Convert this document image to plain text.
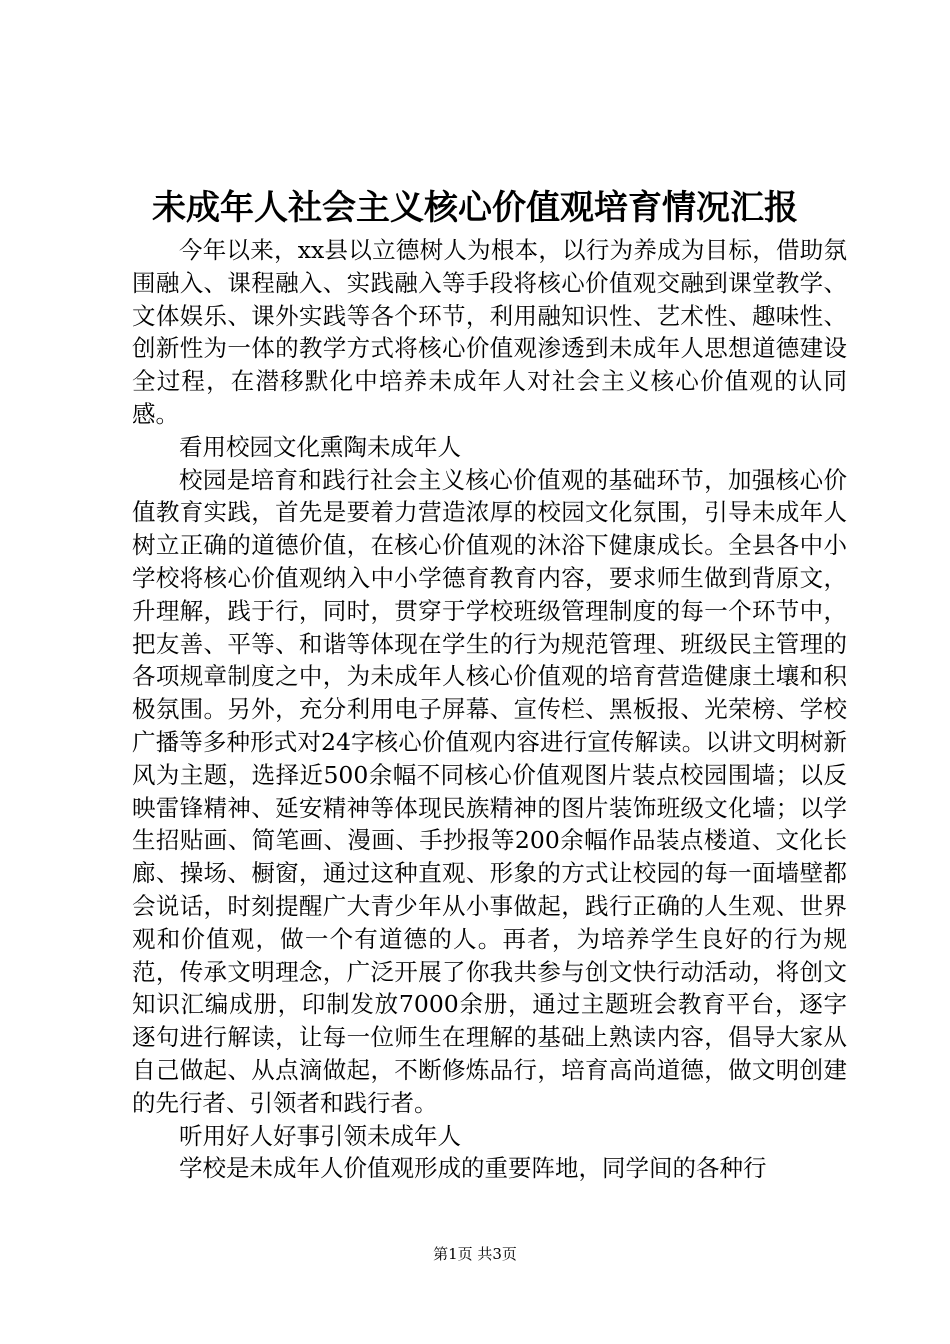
未成年人社会主义核心价值观培育情况汇报

今年以来，xx县以立德树人为根本，以行为养成为目标，借助氛围融入、课程融入、实践融入等手段将核心价值观交融到课堂教学、文体娱乐、课外实践等各个环节，利用融知识性、艺术性、趣味性、创新性为一体的教学方式将核心价值观渗透到未成年人思想道德建设全过程，在潜移默化中培养未成年人对社会主义核心价值观的认同感。

看用校园文化熏陶未成年人

校园是培育和践行社会主义核心价值观的基础环节，加强核心价值教育实践，首先是要着力营造浓厚的校园文化氛围，引导未成年人树立正确的道德价值，在核心价值观的沐浴下健康成长。全县各中小学校将核心价值观纳入中小学德育教育内容，要求师生做到背原文，升理解，践于行，同时，贯穿于学校班级管理制度的每一个环节中，把友善、平等、和谐等体现在学生的行为规范管理、班级民主管理的各项规章制度之中，为未成年人核心价值观的培育营造健康土壤和积极氛围。另外，充分利用电子屏幕、宣传栏、黑板报、光荣榜、学校广播等多种形式对24字核心价值观内容进行宣传解读。以讲文明树新风为主题，选择近500余幅不同核心价值观图片装点校园围墙；以反映雷锋精神、延安精神等体现民族精神的图片装饰班级文化墙；以学生招贴画、简笔画、漫画、手抄报等200余幅作品装点楼道、文化长廊、操场、橱窗，通过这种直观、形象的方式让校园的每一面墙壁都会说话，时刻提醒广大青少年从小事做起，践行正确的人生观、世界观和价值观，做一个有道德的人。再者，为培养学生良好的行为规范，传承文明理念，广泛开展了你我共参与创文快行动活动，将创文知识汇编成册，印制发放7000余册，通过主题班会教育平台，逐字逐句进行解读，让每一位师生在理解的基础上熟读内容，倡导大家从自己做起、从点滴做起，不断修炼品行，培育高尚道德，做文明创建的先行者、引领者和践行者。

听用好人好事引领未成年人

学校是未成年人价值观形成的重要阵地，同学间的各种行

第1页 共3页
